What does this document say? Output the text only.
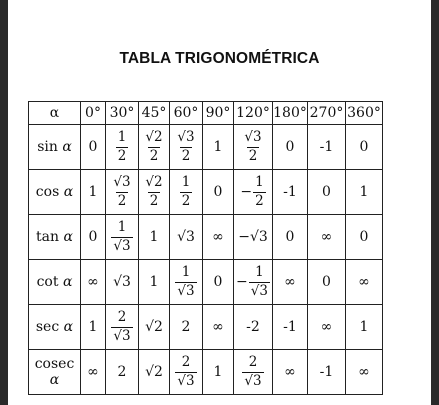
TABLA TRIGONOMÉTRICA
α	0°	30°	45°	60°	90°	120°	180°	270°	360°
sin α	0	$\frac{1}{2}$	$\frac{√2}{2}$	$\frac{√3}{2}$	1	$\frac{√3}{2}$	0	-1	0
cos α	1	$\frac{√3}{2}$	$\frac{√2}{2}$	$\frac{1}{2}$	0	− $\frac{1}{2}$	-1	0	1
tan α	0	$\frac{1}{√3}$	1	√3	∞	−√3	0	∞	0
cot α	∞	√3	1	$\frac{1}{√3}$	0	− $\frac{1}{√3}$	∞	0	∞
sec α	1	$\frac{2}{√3}$	√2	2	∞	-2	-1	∞	1
cosec α	∞	2	√2	$\frac{2}{√3}$	1	$\frac{2}{√3}$	∞	-1	∞
